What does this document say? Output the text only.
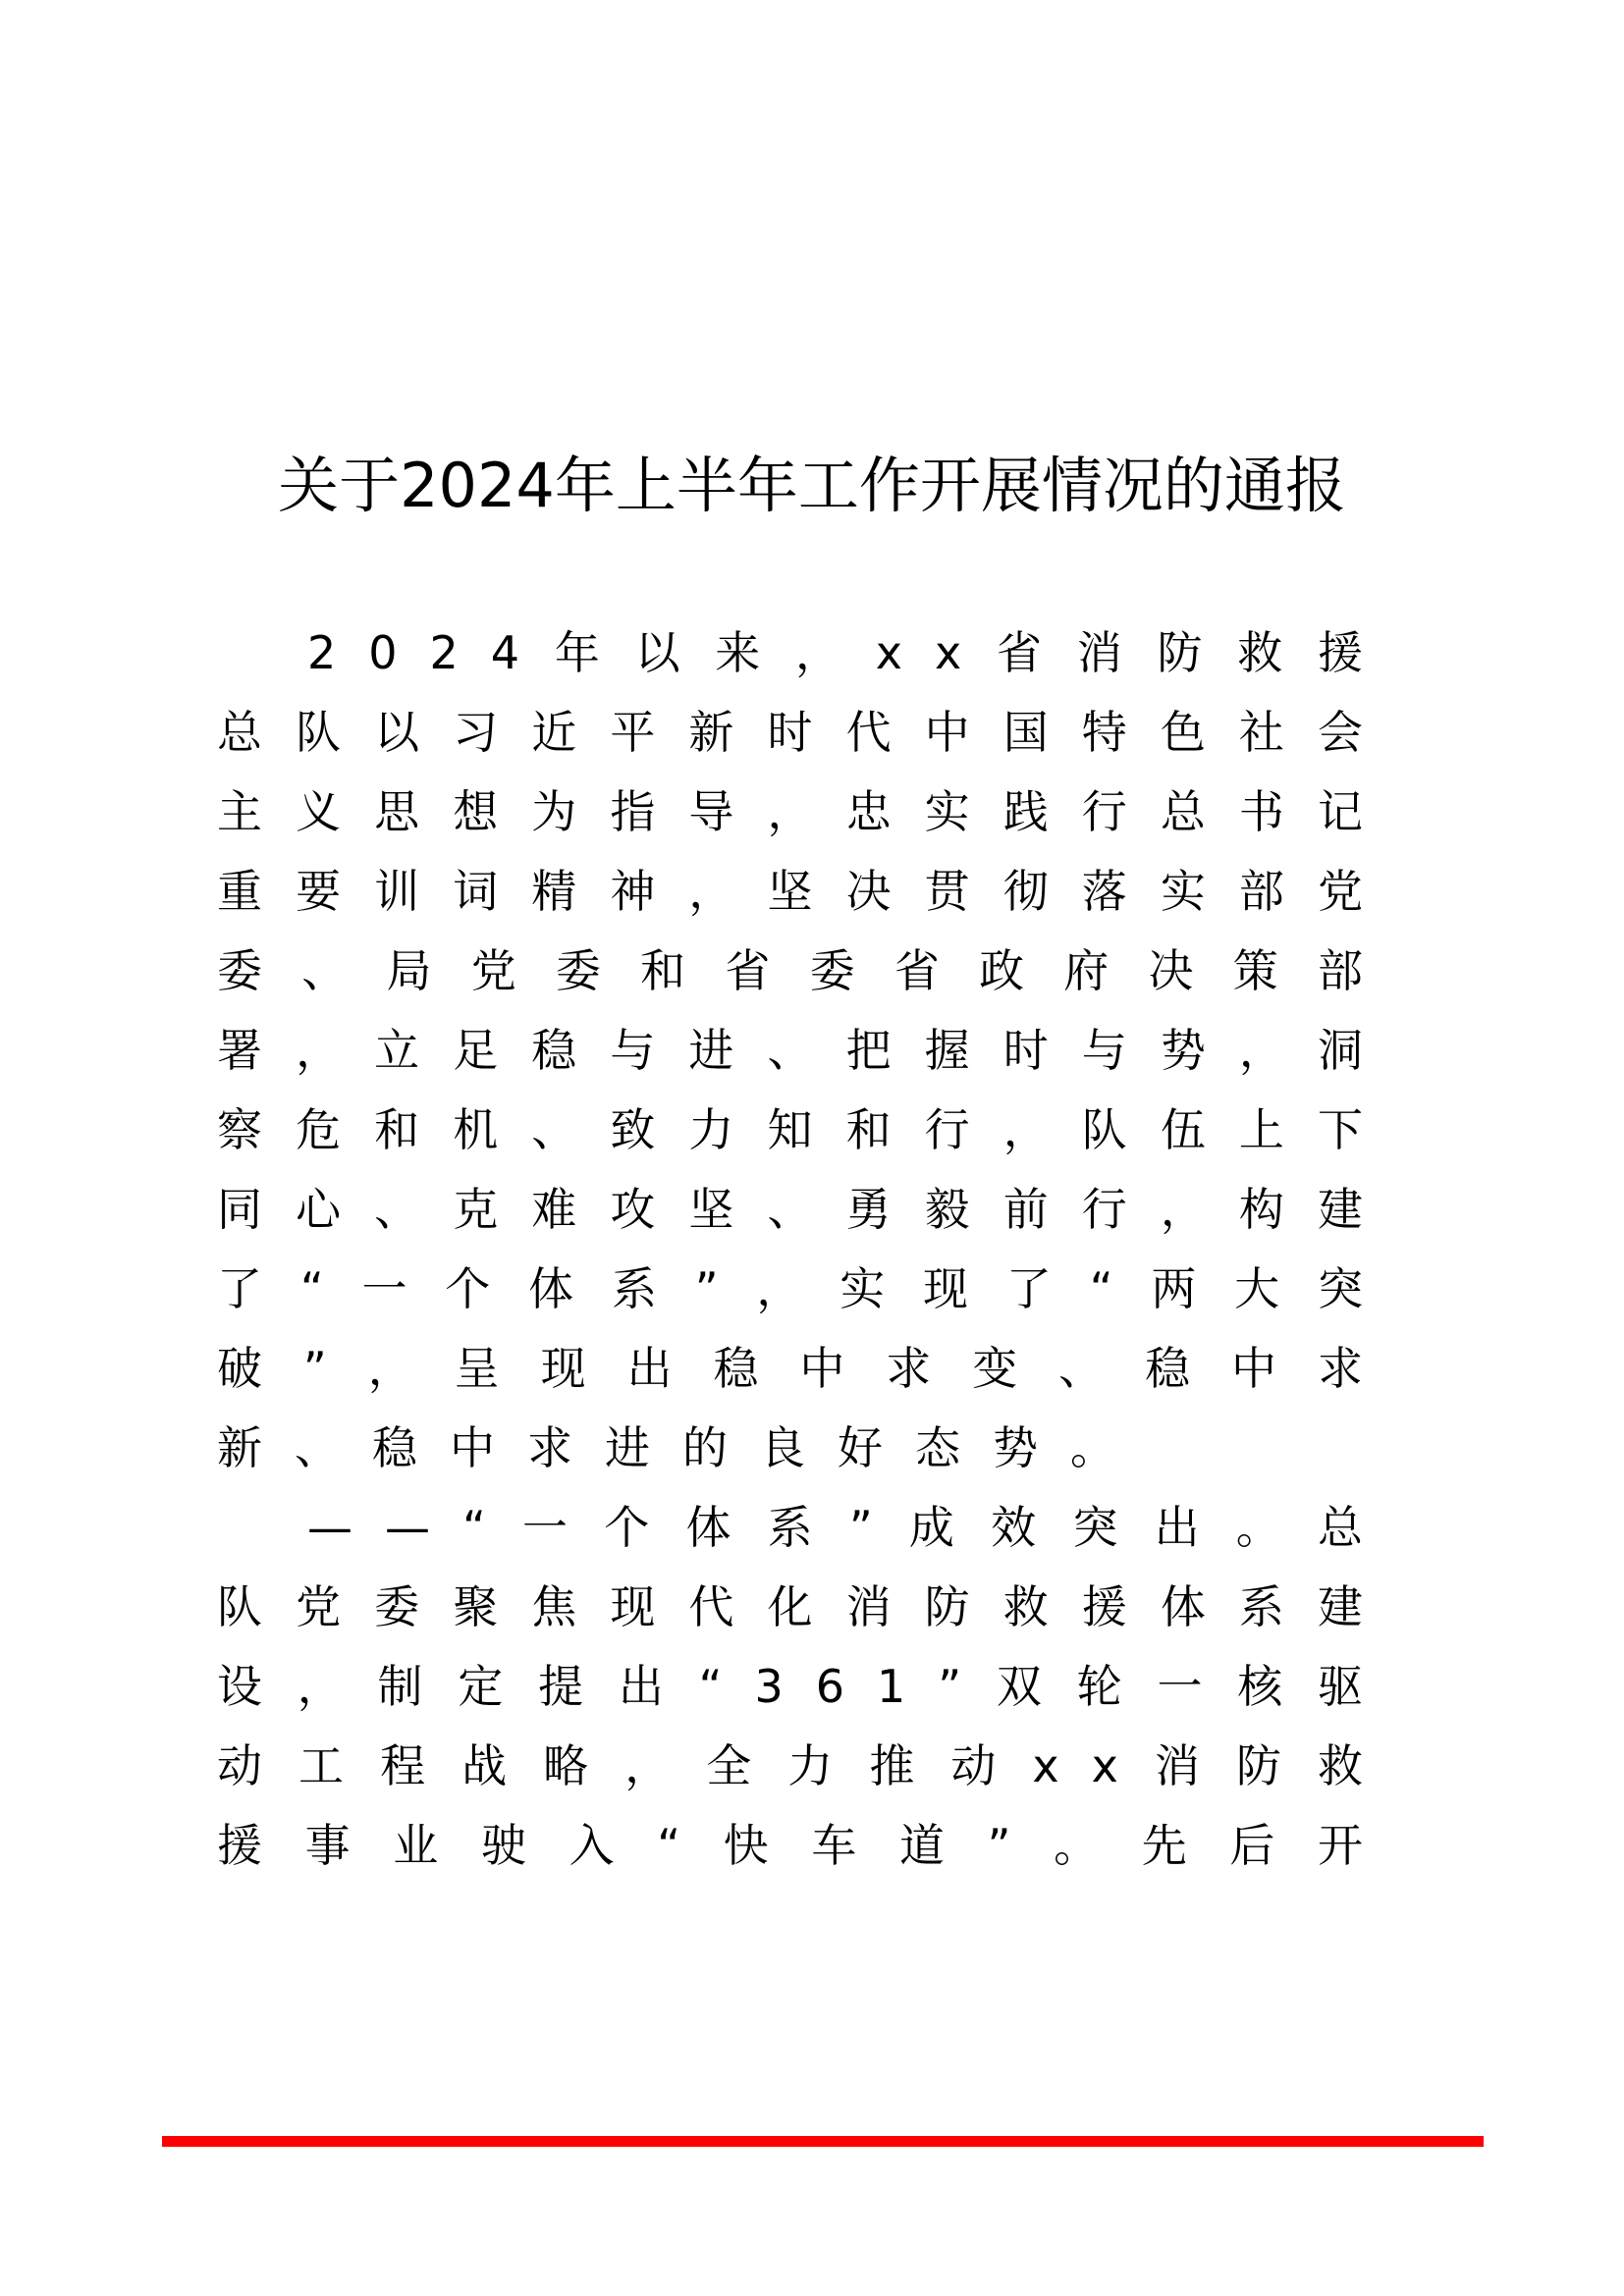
关于2024年上半年工作开展情况的通报

2024年以来，xx省消防救援总队以习近平新时代中国特色社会主义思想为指导，忠实践行总书记重要训词精神，坚决贯彻落实部党委、局党委和省委省政府决策部署，立足稳与进、把握时与势，洞察危和机、致力知和行，队伍上下同心、克难攻坚、勇毅前行，构建了“一个体系”，实现了“两大突破”，呈现出稳中求变、稳中求新、稳中求进的良好态势。

——“一个体系”成效突出。总队党委聚焦现代化消防救援体系建设，制定提出“361”双轮一核驱动工程战略，全力推动xx消防救援事业驶入“快车道”。先后开
